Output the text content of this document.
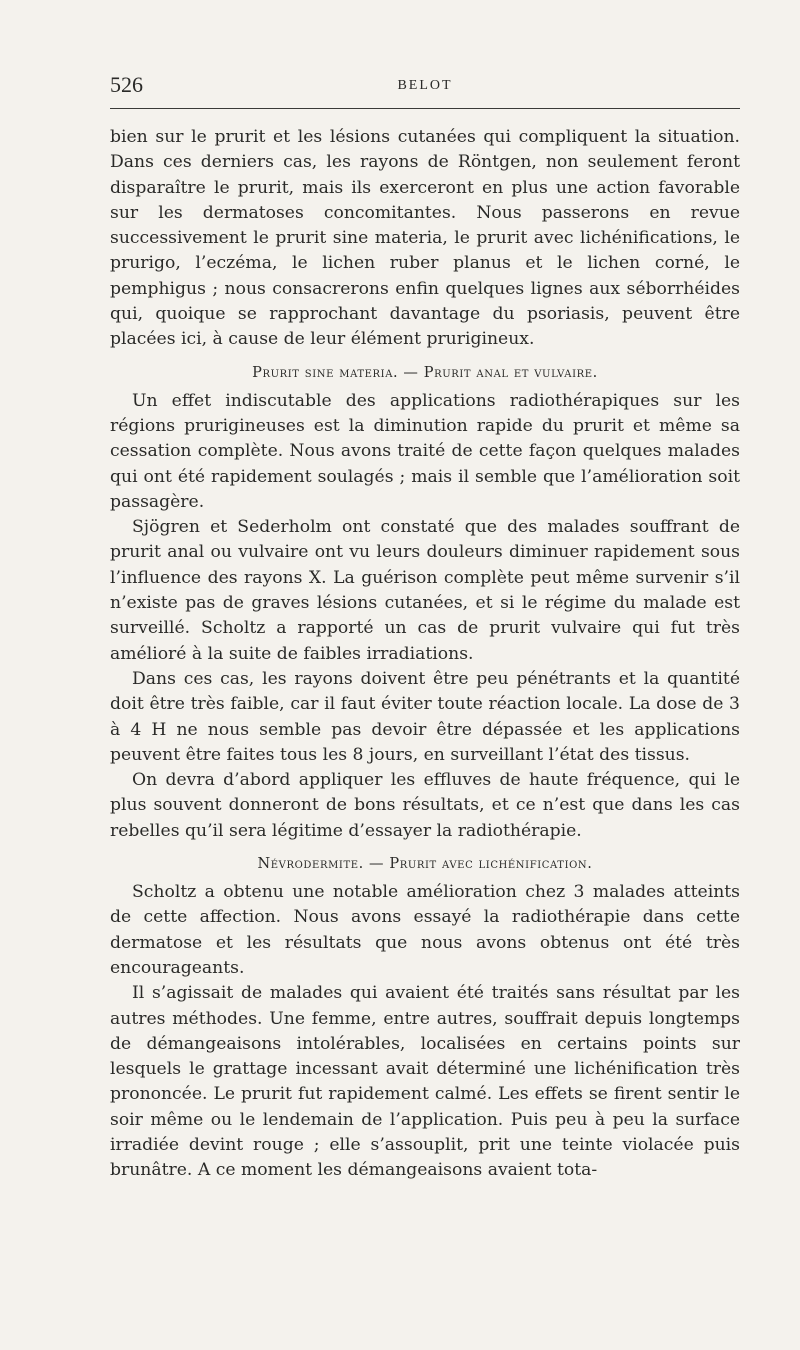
526	BELOT

bien sur le prurit et les lésions cutanées qui compliquent la situation. Dans ces derniers cas, les rayons de Röntgen, non seulement feront disparaître le prurit, mais ils exerceront en plus une action favorable sur les dermatoses concomitantes. Nous passerons en revue successivement le prurit sine materia, le prurit avec lichénifications, le prurigo, l’eczéma, le lichen ruber planus et le lichen corné, le pemphigus ; nous consacrerons enfin quelques lignes aux séborrhéides qui, quoique se rapprochant davantage du psoriasis, peuvent être placées ici, à cause de leur élément prurigineux.

Prurit sine materia. — Prurit anal et vulvaire.

Un effet indiscutable des applications radiothérapiques sur les régions prurigineuses est la diminution rapide du prurit et même sa cessation complète. Nous avons traité de cette façon quelques malades qui ont été rapidement soulagés ; mais il semble que l’amélioration soit passagère.

Sjögren et Sederholm ont constaté que des malades souffrant de prurit anal ou vulvaire ont vu leurs douleurs diminuer rapidement sous l’influence des rayons X. La guérison complète peut même survenir s’il n’existe pas de graves lésions cutanées, et si le régime du malade est surveillé. Scholtz a rapporté un cas de prurit vulvaire qui fut très amélioré à la suite de faibles irradiations.

Dans ces cas, les rayons doivent être peu pénétrants et la quantité doit être très faible, car il faut éviter toute réaction locale. La dose de 3 à 4 H ne nous semble pas devoir être dépassée et les applications peuvent être faites tous les 8 jours, en surveillant l’état des tissus.

On devra d’abord appliquer les effluves de haute fréquence, qui le plus souvent donneront de bons résultats, et ce n’est que dans les cas rebelles qu’il sera légitime d’essayer la radiothérapie.

Névrodermite. — Prurit avec lichénification.

Scholtz a obtenu une notable amélioration chez 3 malades atteints de cette affection. Nous avons essayé la radiothérapie dans cette dermatose et les résultats que nous avons obtenus ont été très encourageants.

Il s’agissait de malades qui avaient été traités sans résultat par les autres méthodes. Une femme, entre autres, souffrait depuis longtemps de démangeaisons intolérables, localisées en certains points sur lesquels le grattage incessant avait déterminé une lichénification très prononcée. Le prurit fut rapidement calmé. Les effets se firent sentir le soir même ou le lendemain de l’application. Puis peu à peu la surface irradiée devint rouge ; elle s’assouplit, prit une teinte violacée puis brunâtre. A ce moment les démangeaisons avaient tota-
